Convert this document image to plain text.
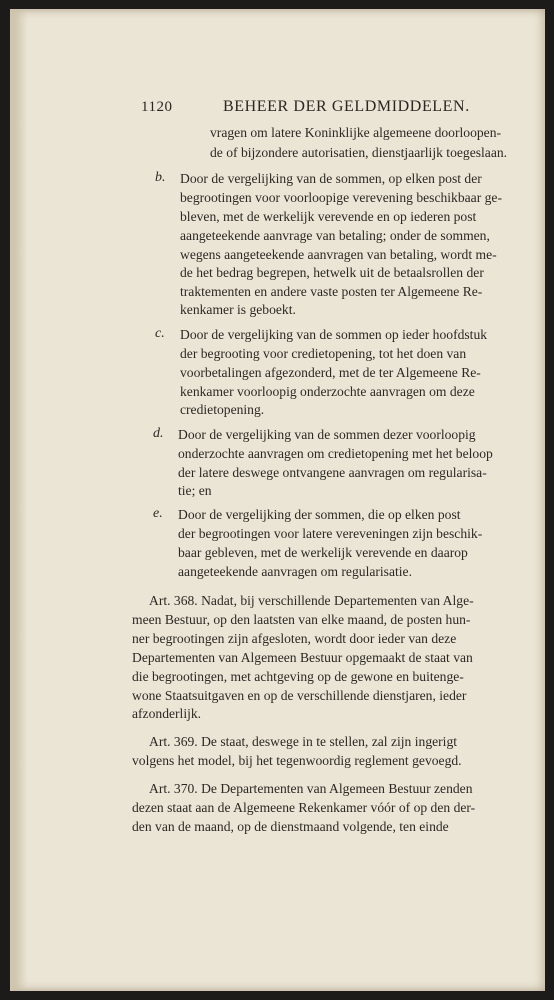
1120	BEHEER DER GELDMIDDELEN.
vragen om latere Koninklijke algemeene doorloopen-
de of bijzondere autorisatien, dienstjaarlijk toegeslaan.
b. Door de vergelijking van de sommen, op elken post der
begrootingen voor voorloopige verevening beschikbaar ge-
bleven, met de werkelijk verevende en op iederen post
aangeteekende aanvrage van betaling; onder de sommen,
wegens aangeteekende aanvragen van betaling, wordt me-
de het bedrag begrepen, hetwelk uit de betaalsrollen der
traktementen en andere vaste posten ter Algemeene Re-
kenkamer is geboekt.
c. Door de vergelijking van de sommen op ieder hoofdstuk
der begrooting voor credietopening, tot het doen van
voorbetalingen afgezonderd, met de ter Algemeene Re-
kenkamer voorloopig onderzochte aanvragen om deze
credietopening.
d. Door de vergelijking van de sommen dezer voorloopig
onderzochte aanvragen om credietopening met het beloop
der latere deswege ontvangene aanvragen om regularisa-
tie; en
e. Door de vergelijking der sommen, die op elken post
der begrootingen voor latere vereveningen zijn beschik-
baar gebleven, met de werkelijk verevende en daarop
aangeteekende aanvragen om regularisatie.
Art. 368. Nadat, bij verschillende Departementen van Alge-
meen Bestuur, op den laatsten van elke maand, de posten hun-
ner begrootingen zijn afgesloten, wordt door ieder van deze
Departementen van Algemeen Bestuur opgemaakt de staat van
die begrootingen, met achtgeving op de gewone en buitenge-
wone Staatsuitgaven en op de verschillende dienstjaren, ieder
afzonderlijk.
Art. 369. De staat, deswege in te stellen, zal zijn ingerigt
volgens het model, bij het tegenwoordig reglement gevoegd.
Art. 370. De Departementen van Algemeen Bestuur zenden
dezen staat aan de Algemeene Rekenkamer vóór of op den der-
den van de maand, op de dienstmaand volgende, ten einde
